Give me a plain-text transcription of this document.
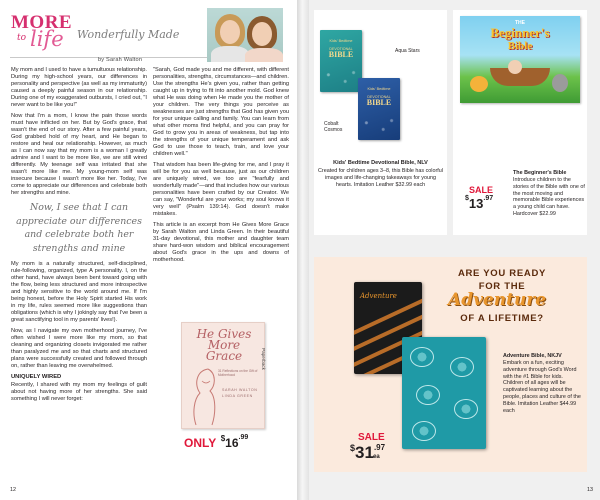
MORE
to life Wonderfully Made
by Sarah Walton

My mom and I used to have a tumultuous relationship. During my high-school years, our differences in personality and perspective (as well as my immaturity) caused a deeply painful season in our relationship. During one of my exaggerated outbursts, I cried out, "I never want to be like you!"

Now that I'm a mom, I know the pain those words must have inflicted on her. But by God's grace, that wasn't the end of our story. After a few painful years, God grabbed hold of my heart, and He began to restore and heal our relationship. However, as much as I can now say that my mom is a woman I greatly admire and I want to be more like, we are still wired differently. My teenage self was irritated that she wasn't more like me. My young-mom self was insecure because I wasn't more like her. Today, I've come to appreciate our differences and celebrate both her strengths and mine.

Now, I see that I can appreciate our differences and celebrate both her strengths and mine

My mom is a naturally structured, self-disciplined, rule-following, organized, type A personality. I, on the other hand, have always been bent toward going with the flow, being less structured and more introspective and highly sensitive to the world around me. If I'm being honest, before the Holy Spirit started His work in my life, rules seemed more like suggestions than obligations (which is why I jokingly say that I've been a great sanctifying tool in my parents' lives!).

Now, as I navigate my own motherhood journey, I've often wished I were more like my mom, so that cleaning and organizing closets invigorated me rather than paralyzed me and so that charts and structured plans were successfully created and followed through on, rather than leaving me overwhelmed.

UNIQUELY WIRED

Recently, I shared with my mom my feelings of guilt about not having more of her strengths. She said something I will never forget:

"Sarah, God made you and me different, with different personalities, strengths, circumstances—and children. Use the strengths He's given you, rather than getting caught up in trying to fit into another mold. God knew what He was doing when He made you the mother of your children. The very things you perceive as weaknesses are just strengths that God has given you for your unique calling and family. You can learn from what other moms find helpful, and you can pray for God to grow you in areas of weakness, but tap into the strengths of your unique temperament and ask God to use those to teach, train, and love your children well."

That wisdom has been life-giving for me, and I pray it will be for you as well because, just as our children are uniquely wired, we too are "fearfully and wonderfully made"—and that includes how our various personalities have been crafted by our Creator. We can say, "Wonderful are your works; my soul knows it very well" (Psalm 139:14). God doesn't make mistakes.

This article is an excerpt from He Gives More Grace by Sarah Walton and Linda Green. In their beautiful 31-day devotional, this mother and daughter team share hard-won wisdom and biblical encouragement about God's grace in the ups and downs of motherhood.

He Gives More Grace
31 Reflections on the Gift of Motherhood
SARAH WALTON
LINDA GREEN
Paperback
ONLY $^{\$}16^{.99}$
12
Kids' Bedtime
DEVOTIONAL
BIBLE
Kids' Bedtime
DEVOTIONAL
BIBLE
Aqua Stars
Cobalt Cosmos
Kids' Bedtime Devotional Bible, NLV
Created for children ages 3–8, this Bible has colorful images and life-changing takeaways for young hearts. Imitation Leather $32.99 each
THE
Beginner's
Bible
SALE
$^{\$}13^{.97}$
The Beginner's Bible
Introduce children to the stories of the Bible with one of the most moving and memorable Bible experiences a young child can have. Hardcover $22.99
ARE YOU READY
FOR THE
Adventure
OF A LIFETIME?
Adventure
SALE
$^{\$}31^{.97}ea$
Adventure Bible, NKJV
Embark on a fun, exciting adventure through God's Word with the #1 Bible for kids. Children of all ages will be captivated learning about the people, places and culture of the Bible. Imitation Leather $44.99 each
13
